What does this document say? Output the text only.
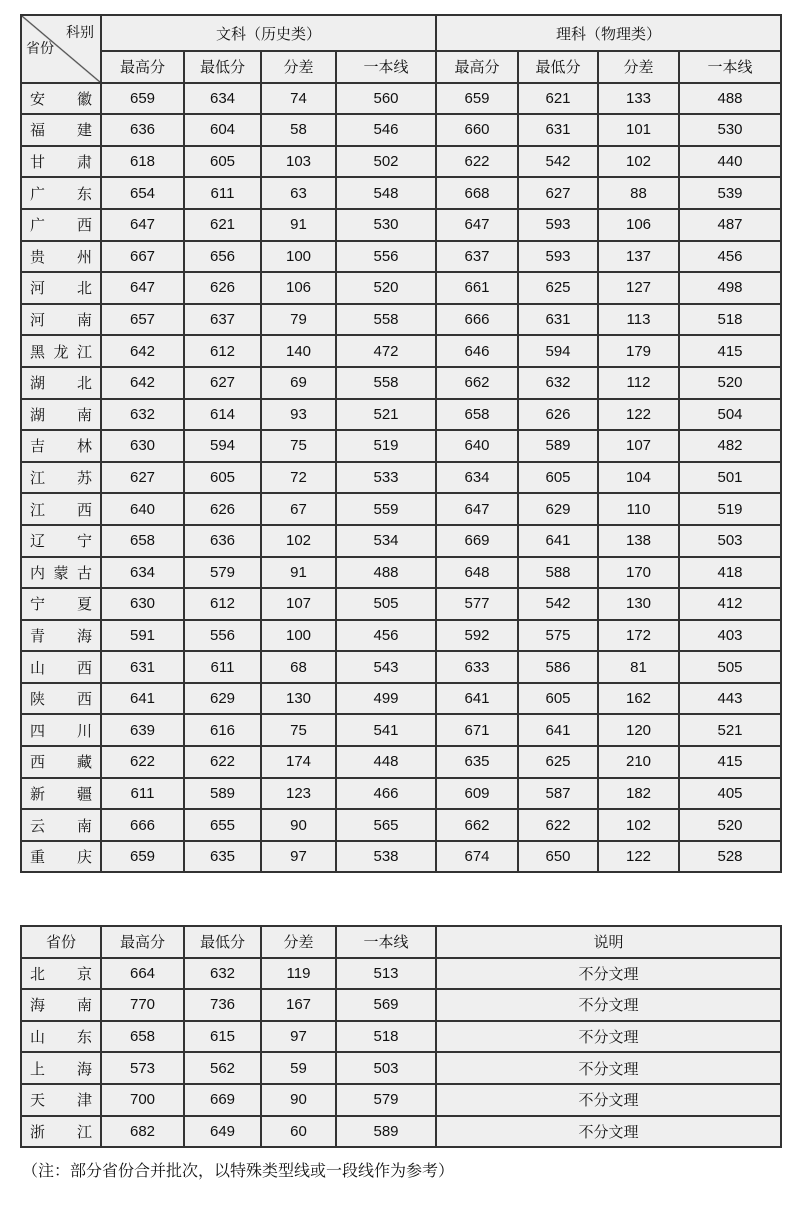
科别
省份	文科（历史类）				理科（物理类）			
	最高分	最低分	分差	一本线	最高分	最低分	分差	一本线
安徽	659	634	74	560	659	621	133	488
福建	636	604	58	546	660	631	101	530
甘肃	618	605	103	502	622	542	102	440
广东	654	611	63	548	668	627	88	539
广西	647	621	91	530	647	593	106	487
贵州	667	656	100	556	637	593	137	456
河北	647	626	106	520	661	625	127	498
河南	657	637	79	558	666	631	113	518
黑龙江	642	612	140	472	646	594	179	415
湖北	642	627	69	558	662	632	112	520
湖南	632	614	93	521	658	626	122	504
吉林	630	594	75	519	640	589	107	482
江苏	627	605	72	533	634	605	104	501
江西	640	626	67	559	647	629	110	519
辽宁	658	636	102	534	669	641	138	503
内蒙古	634	579	91	488	648	588	170	418
宁夏	630	612	107	505	577	542	130	412
青海	591	556	100	456	592	575	172	403
山西	631	611	68	543	633	586	81	505
陕西	641	629	130	499	641	605	162	443
四川	639	616	75	541	671	641	120	521
西藏	622	622	174	448	635	625	210	415
新疆	611	589	123	466	609	587	182	405
云南	666	655	90	565	662	622	102	520
重庆	659	635	97	538	674	650	122	528
省份	最高分	最低分	分差	一本线	说明
北京	664	632	119	513	不分文理
海南	770	736	167	569	不分文理
山东	658	615	97	518	不分文理
上海	573	562	59	503	不分文理
天津	700	669	90	579	不分文理
浙江	682	649	60	589	不分文理
（注：部分省份合并批次，以特殊类型线或一段线作为参考）
